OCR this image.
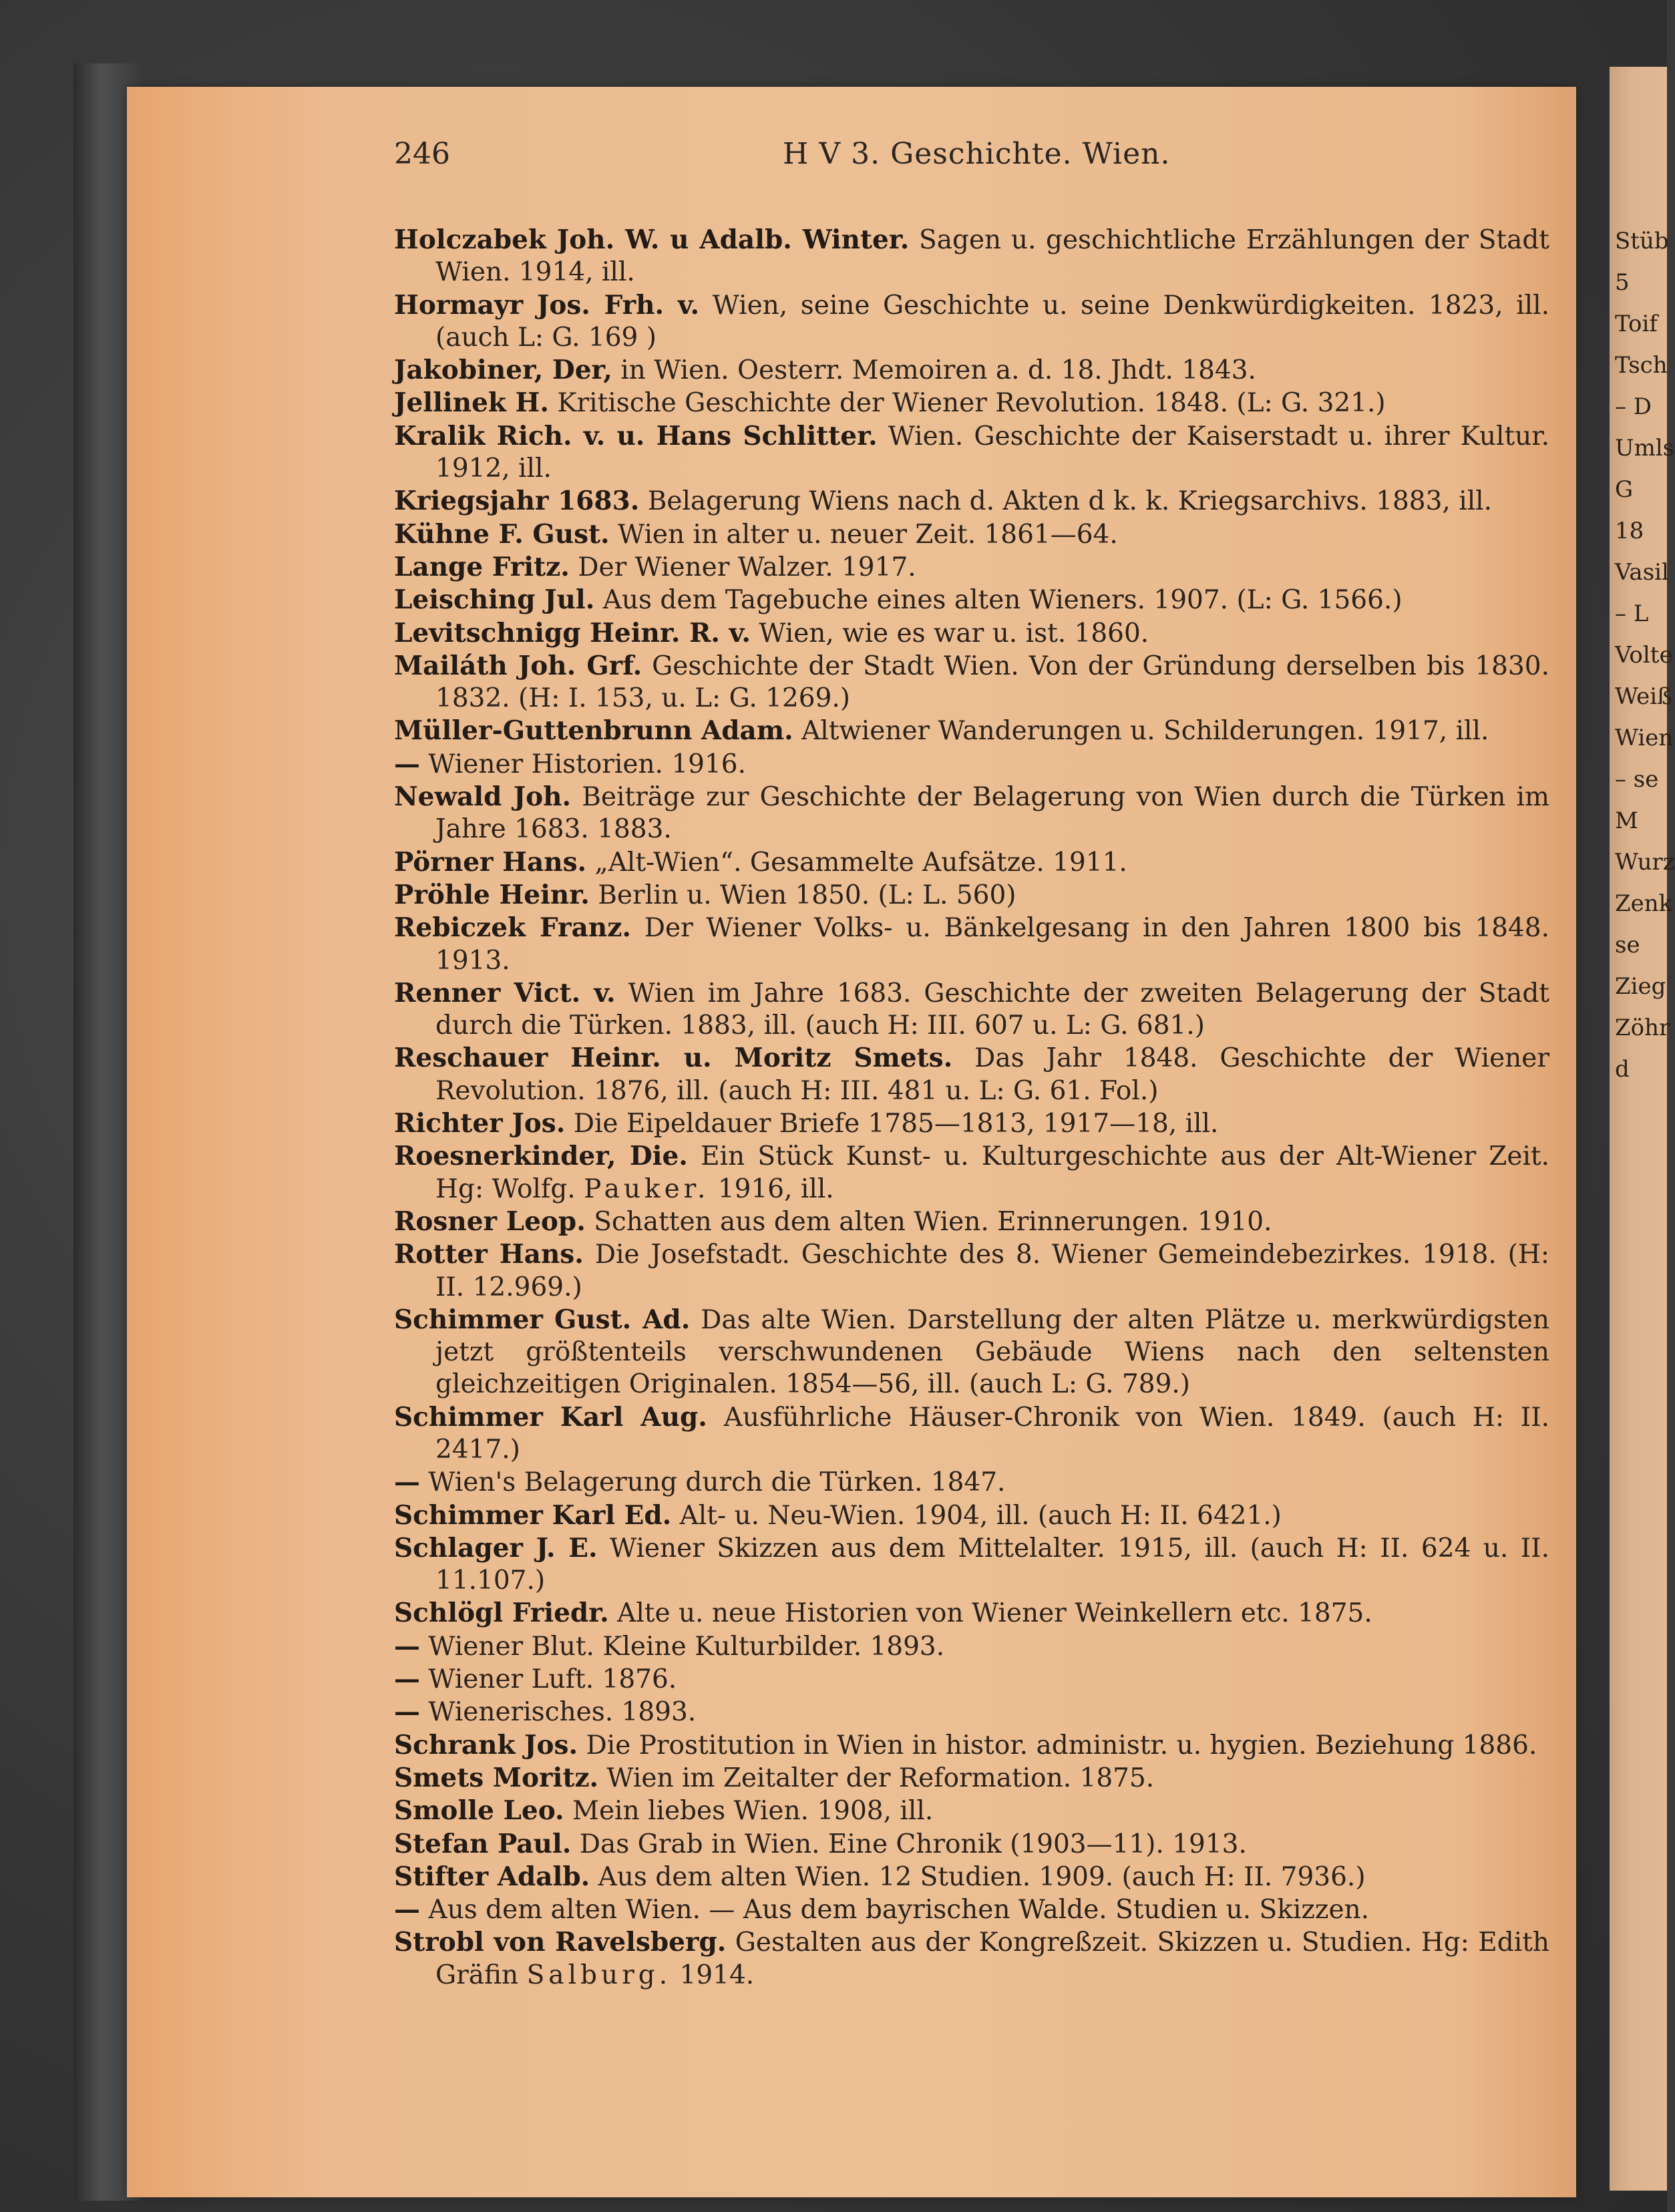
Stüb
5
Toif
Tsch
– D
Umls
G
18
Vasil
– L
Volte
Weiß
Wien
– se
M
Wurz
Zenk
se
Zieg
Zöhr
d
246	H V 3. Geschichte. Wien.

Holczabek Joh. W. u Adalb. Winter. Sagen u. geschichtliche Erzählungen der Stadt Wien. 1914, ill.

Hormayr Jos. Frh. v. Wien, seine Geschichte u. seine Denkwürdigkeiten. 1823, ill. (auch L: G. 169 )

Jakobiner, Der, in Wien. Oesterr. Memoiren a. d. 18. Jhdt. 1843.

Jellinek H. Kritische Geschichte der Wiener Revolution. 1848. (L: G. 321.)

Kralik Rich. v. u. Hans Schlitter. Wien. Geschichte der Kaiserstadt u. ihrer Kultur. 1912, ill.

Kriegsjahr 1683. Belagerung Wiens nach d. Akten d k. k. Kriegsarchivs. 1883, ill.

Kühne F. Gust. Wien in alter u. neuer Zeit. 1861—64.

Lange Fritz. Der Wiener Walzer. 1917.

Leisching Jul. Aus dem Tagebuche eines alten Wieners. 1907. (L: G. 1566.)

Levitschnigg Heinr. R. v. Wien, wie es war u. ist. 1860.

Mailáth Joh. Grf. Geschichte der Stadt Wien. Von der Gründung derselben bis 1830. 1832. (H: I. 153, u. L: G. 1269.)

Müller-Guttenbrunn Adam. Altwiener Wanderungen u. Schilderungen. 1917, ill.

— Wiener Historien. 1916.

Newald Joh. Beiträge zur Geschichte der Belagerung von Wien durch die Türken im Jahre 1683. 1883.

Pörner Hans. „Alt-Wien“. Gesammelte Aufsätze. 1911.

Pröhle Heinr. Berlin u. Wien 1850. (L: L. 560)

Rebiczek Franz. Der Wiener Volks- u. Bänkelgesang in den Jahren 1800 bis 1848. 1913.

Renner Vict. v. Wien im Jahre 1683. Geschichte der zweiten Belagerung der Stadt durch die Türken. 1883, ill. (auch H: III. 607 u. L: G. 681.)

Reschauer Heinr. u. Moritz Smets. Das Jahr 1848. Geschichte der Wiener Revolution. 1876, ill. (auch H: III. 481 u. L: G. 61. Fol.)

Richter Jos. Die Eipeldauer Briefe 1785—1813, 1917—18, ill.

Roesnerkinder, Die. Ein Stück Kunst- u. Kulturgeschichte aus der Alt-Wiener Zeit. Hg: Wolfg. Pauker. 1916, ill.

Rosner Leop. Schatten aus dem alten Wien. Erinnerungen. 1910.

Rotter Hans. Die Josefstadt. Geschichte des 8. Wiener Gemeindebezirkes. 1918. (H: II. 12.969.)

Schimmer Gust. Ad. Das alte Wien. Darstellung der alten Plätze u. merkwürdigsten jetzt größtenteils verschwundenen Gebäude Wiens nach den seltensten gleichzeitigen Originalen. 1854—56, ill. (auch L: G. 789.)

Schimmer Karl Aug. Ausführliche Häuser-Chronik von Wien. 1849. (auch H: II. 2417.)

— Wien's Belagerung durch die Türken. 1847.

Schimmer Karl Ed. Alt- u. Neu-Wien. 1904, ill. (auch H: II. 6421.)

Schlager J. E. Wiener Skizzen aus dem Mittelalter. 1915, ill. (auch H: II. 624 u. II. 11.107.)

Schlögl Friedr. Alte u. neue Historien von Wiener Weinkellern etc. 1875.

— Wiener Blut. Kleine Kulturbilder. 1893.

— Wiener Luft. 1876.

— Wienerisches. 1893.

Schrank Jos. Die Prostitution in Wien in histor. administr. u. hygien. Beziehung 1886.

Smets Moritz. Wien im Zeitalter der Reformation. 1875.

Smolle Leo. Mein liebes Wien. 1908, ill.

Stefan Paul. Das Grab in Wien. Eine Chronik (1903—11). 1913.

Stifter Adalb. Aus dem alten Wien. 12 Studien. 1909. (auch H: II. 7936.)

— Aus dem alten Wien. — Aus dem bayrischen Walde. Studien u. Skizzen.

Strobl von Ravelsberg. Gestalten aus der Kongreßzeit. Skizzen u. Studien. Hg: Edith Gräfin Salburg. 1914.
